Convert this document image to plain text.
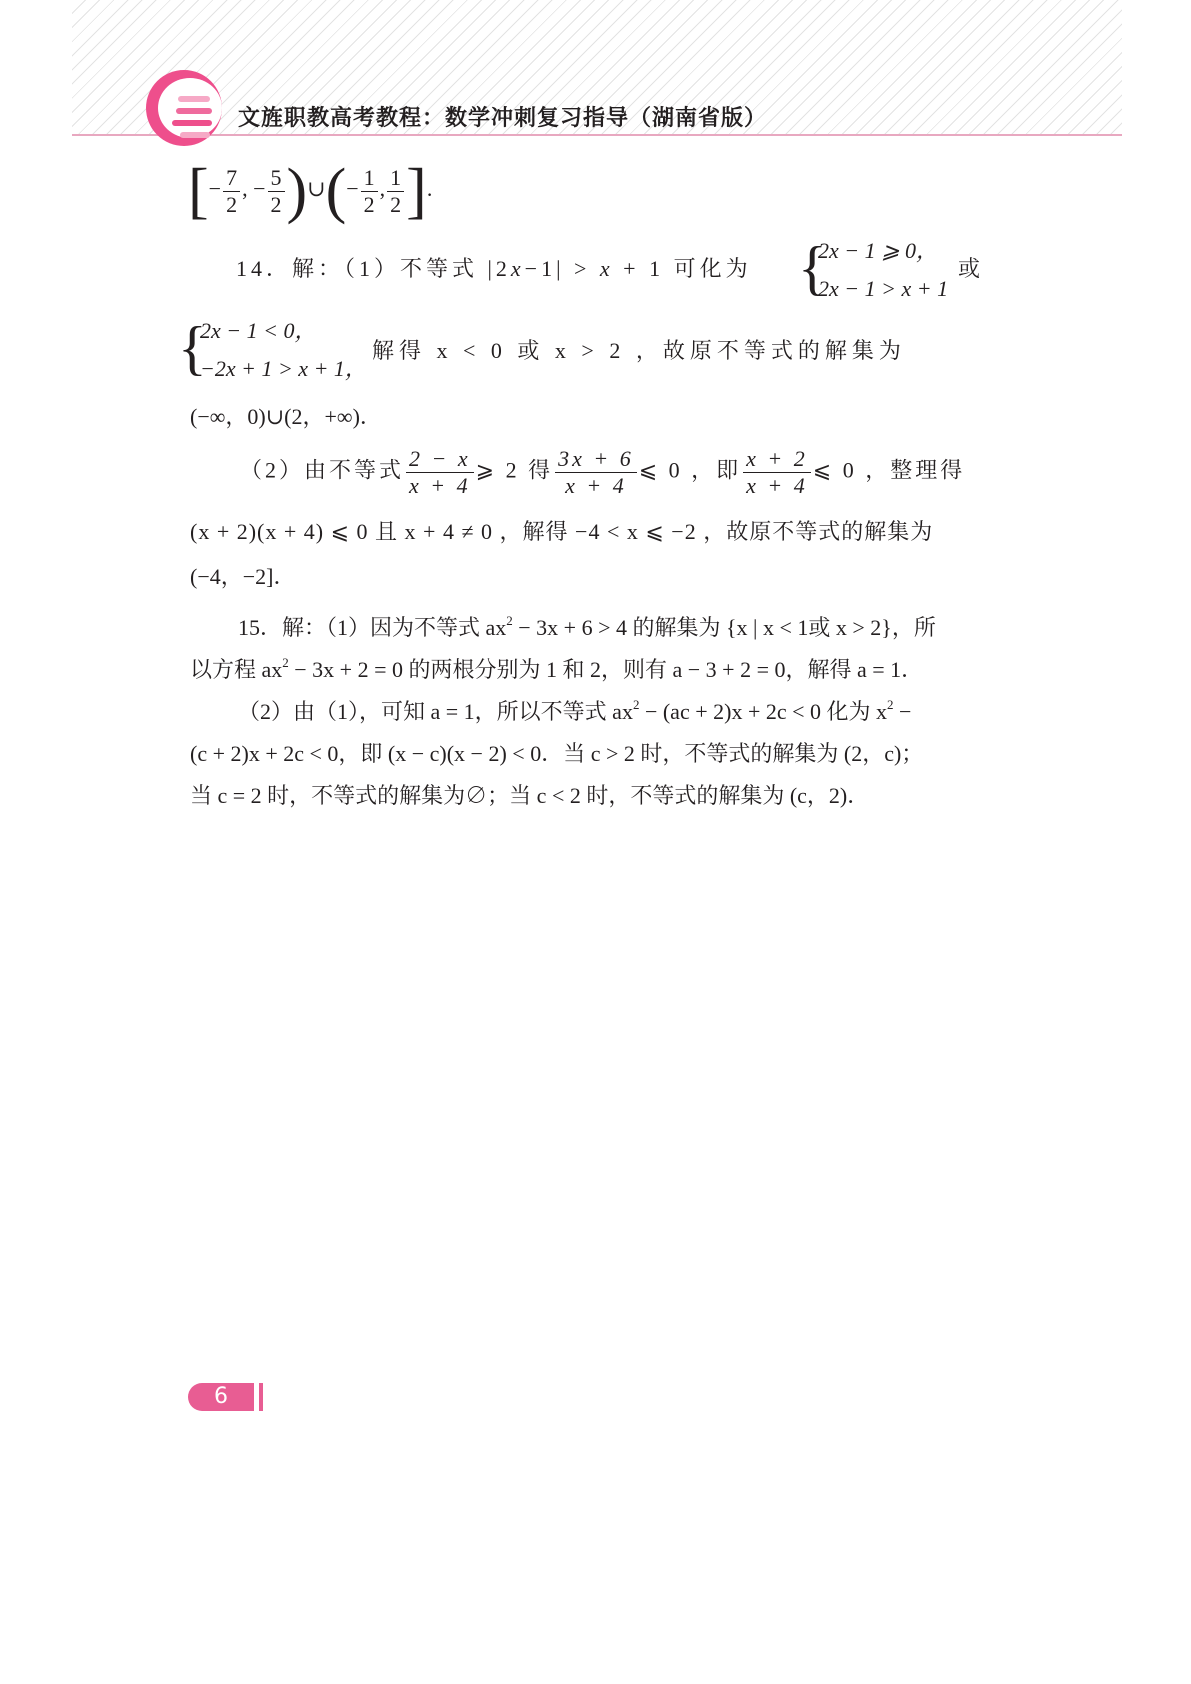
文旌职教高考教程：数学冲刺复习指导（湖南省版）
[− $\frac{7}{2}$ , − $\frac{5}{2}$ )∪(− $\frac{1}{2}$ , $\frac{1}{2}$ ].
14．解：（1）不等式 |2x−1| > x + 1 可化为 {
2x − 1 ⩾ 0，
2x − 1 > x + 1
或
{
2x − 1 < 0，
−2x + 1 > x + 1，
解得 x < 0 或 x > 2 ，故原不等式的解集为
(−∞，0)∪(2，+∞)．
（2）由不等式 $\frac{2 - x}{x + 4}$ ⩾ 2 得 $\frac{3x + 6}{x + 4}$ ⩽ 0 ，即 $\frac{x + 2}{x + 4}$ ⩽ 0 ，整理得
(x + 2)(x + 4) ⩽ 0 且 x + 4 ≠ 0 ，解得 −4 < x ⩽ −2 ，故原不等式的解集为
(−4，−2]．
15．解：（1）因为不等式 $ax^2 - 3x + 6 > 4$ 的解集为 {x | x < 1或 x > 2}，所
以方程 $ax^2 - 3x + 2 = 0$ 的两根分别为 1 和 2，则有 a − 3 + 2 = 0，解得 a = 1．
（2）由（1），可知 a = 1，所以不等式 $ax^2 - (ac + 2)x + 2c < 0$ 化为 $x^2$ −
(c + 2)x + 2c < 0，即 (x − c)(x − 2) < 0．当 c > 2 时，不等式的解集为 (2，c)；
当 c = 2 时，不等式的解集为∅；当 c < 2 时，不等式的解集为 (c，2)．
6
